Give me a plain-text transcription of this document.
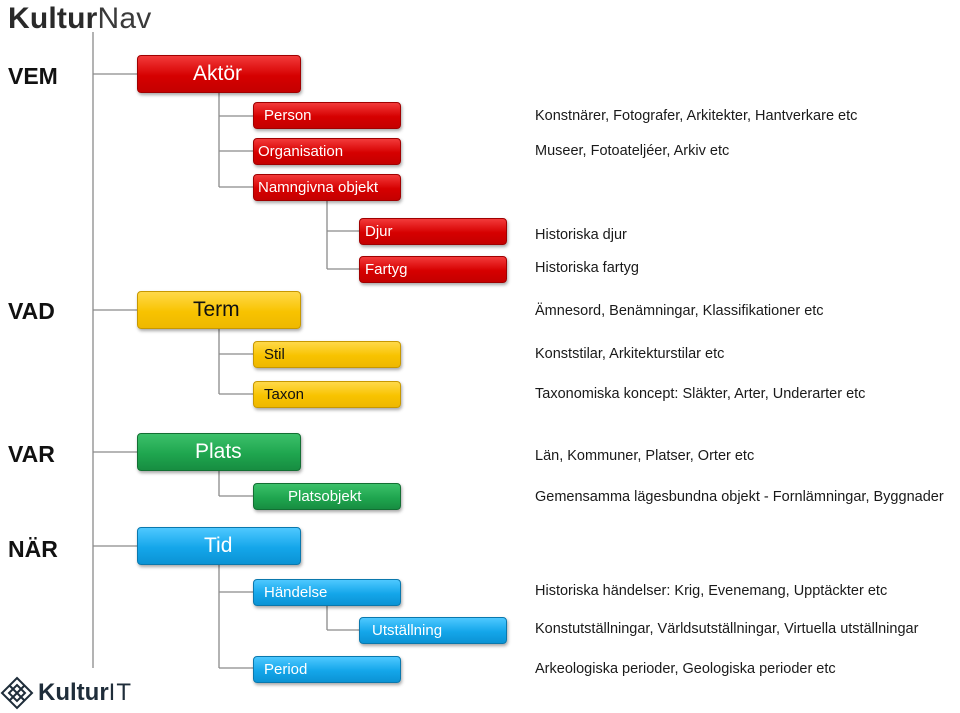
KulturNav
VEM
VAD
VAR
NÄR
Aktör
Person
Organisation
Namngivna objekt
Djur
Fartyg
Term
Stil
Taxon
Plats
Platsobjekt
Tid
Händelse
Utställning
Period
Konstnärer, Fotografer, Arkitekter, Hantverkare etc
Museer, Fotoateljéer, Arkiv etc
Historiska djur
Historiska fartyg
Ämnesord, Benämningar, Klassifikationer etc
Konststilar, Arkitekturstilar etc
Taxonomiska koncept: Släkter, Arter, Underarter etc
Län, Kommuner, Platser, Orter etc
Gemensamma lägesbundna objekt - Fornlämningar, Byggnader
Historiska händelser: Krig, Evenemang, Upptäckter etc
Konstutställningar, Världsutställningar, Virtuella utställningar
Arkeologiska perioder, Geologiska perioder etc
KulturIT
